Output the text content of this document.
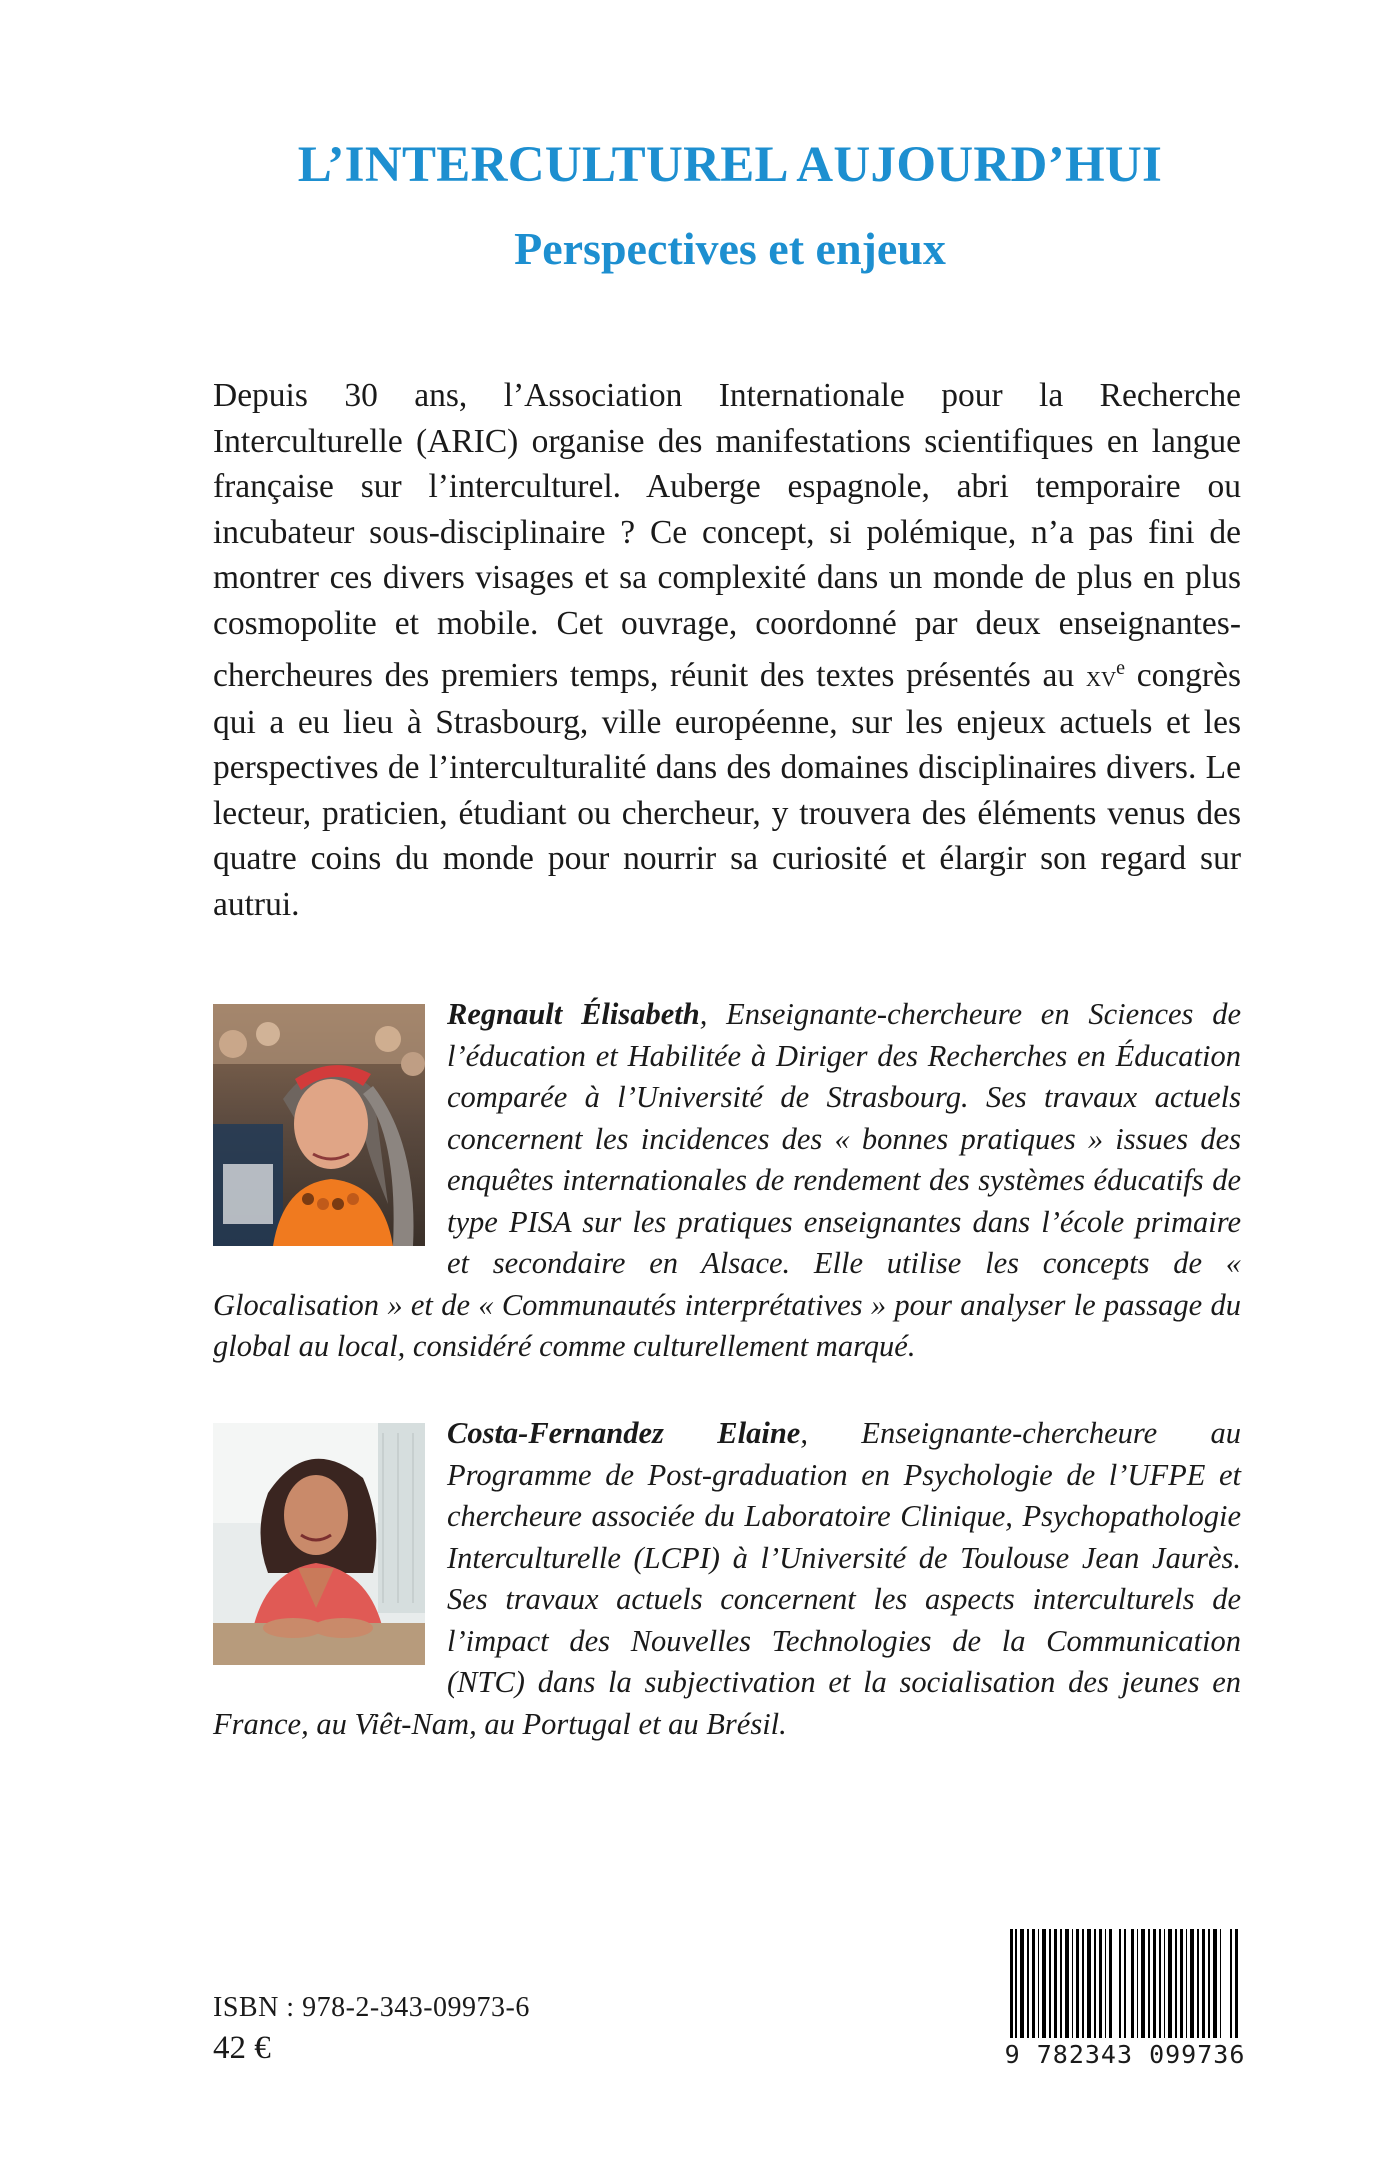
L’INTERCULTUREL AUJOURD’HUI
Perspectives et enjeux

Depuis 30 ans, l’Association Internationale pour la Recherche Interculturelle (ARIC) organise des manifestations scientifiques en langue française sur l’interculturel. Auberge espagnole, abri temporaire ou incubateur sous-disciplinaire ? Ce concept, si polémique, n’a pas fini de montrer ces divers visages et sa complexité dans un monde de plus en plus cosmopolite et mobile. Cet ouvrage, coordonné par deux enseignantes-chercheures des premiers temps, réunit des textes présentés au $xv^e$ congrès qui a eu lieu à Strasbourg, ville européenne, sur les enjeux actuels et les perspectives de l’interculturalité dans des domaines disciplinaires divers. Le lecteur, praticien, étudiant ou chercheur, y trouvera des éléments venus des quatre coins du monde pour nourrir sa curiosité et élargir son regard sur autrui.

Regnault Élisabeth, Enseignante-chercheure en Sciences de l’éducation et Habilitée à Diriger des Recherches en Éducation comparée à l’Université de Strasbourg. Ses travaux actuels concernent les incidences des « bonnes pratiques » issues des enquêtes internationales de rendement des systèmes éducatifs de type PISA sur les pratiques enseignantes dans l’école primaire et secondaire en Alsace. Elle utilise les concepts de « Glocalisation » et de « Communautés interprétatives » pour analyser le passage du global au local, considéré comme culturellement marqué.

Costa-Fernandez Elaine, Enseignante-chercheure au Programme de Post-graduation en Psychologie de l’UFPE et chercheure associée du Laboratoire Clinique, Psychopathologie Interculturelle (LCPI) à l’Université de Toulouse Jean Jaurès. Ses travaux actuels concernent les aspects interculturels de l’impact des Nouvelles Technologies de la Communication (NTC) dans la subjectivation et la socialisation des jeunes en France, au Viêt-Nam, au Portugal et au Brésil.

ISBN : 978-2-343-09973-6
42 €	9 782343 099736
